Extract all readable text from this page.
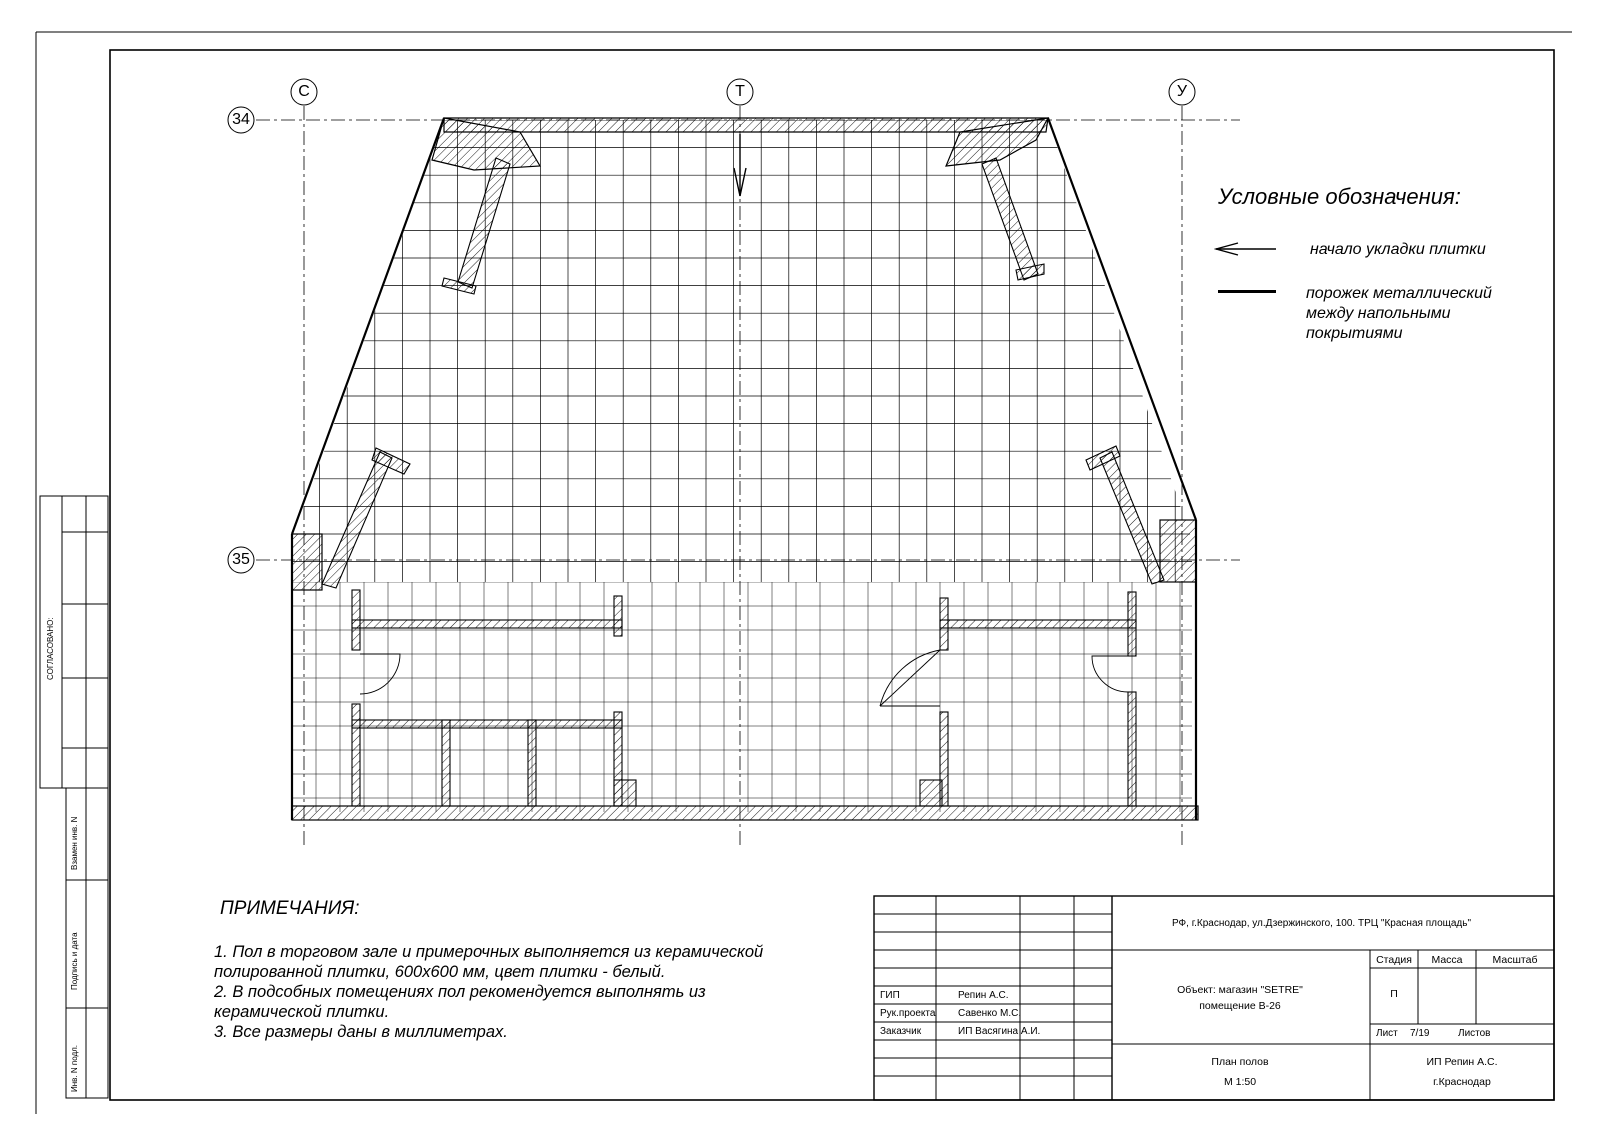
С	Т	У
34
35
Условные обозначения:
начало укладки плитки
порожек металлический
между напольными
покрытиями
ПРИМЕЧАНИЯ:
1. Пол в торговом зале и примерочных выполняется из керамической
полированной плитки, 600х600 мм, цвет плитки - белый.
2. В подсобных помещениях пол рекомендуется выполнять из
керамической плитки.
3. Все размеры даны в миллиметрах.
РФ, г.Краснодар, ул.Дзержинского, 100. ТРЦ "Красная площадь"
Объект: магазин "SETRE"
помещение В-26
План полов
М 1:50
Стадия	Масса	Масштаб
П
Лист 7/19	Листов
ИП Репин А.С.
г.Краснодар
ГИП	Репин А.С.
Рук.проекта Савенко М.С.
Заказчик	ИП Васягина А.И.
СОГЛАСОВАНО:
Взамен инв. N
Подпись и дата
Инв. N подл.
